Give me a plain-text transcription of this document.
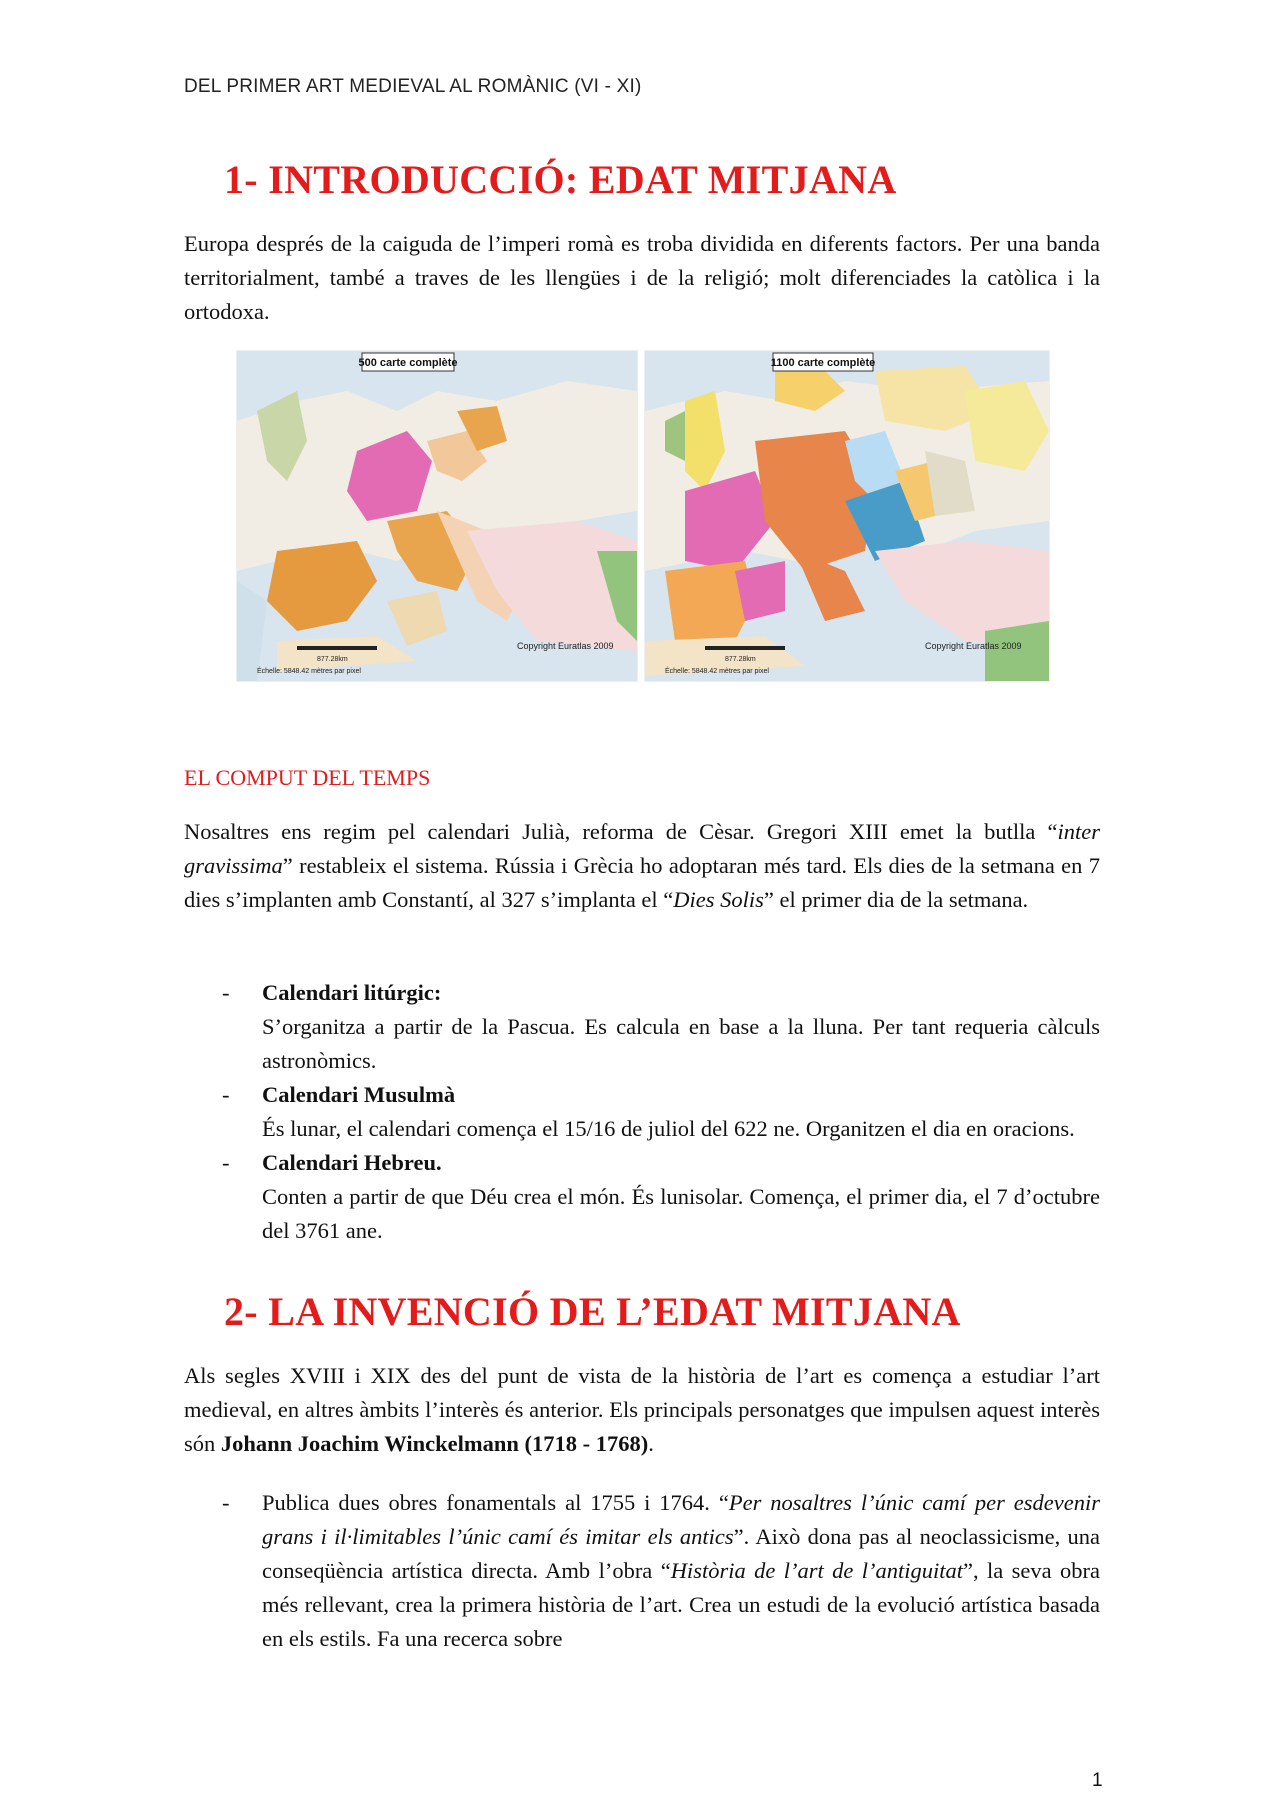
DEL PRIMER ART MEDIEVAL AL ROMÀNIC (VI - XI)
1- INTRODUCCIÓ: EDAT MITJANA
Europa després de la caiguda de l’imperi romà es troba dividida en diferents factors. Per una banda territorialment, també a traves de les llengües i de la religió; molt diferenciades la catòlica i la ortodoxa.
500 carte complète
Copyright Euratlas 2009
877.28km
Échelle: 5848.42 mètres par pixel
1100 carte complète
Copyright Euratlas 2009
877.28km
Échelle: 5848.42 mètres par pixel
EL COMPUT DEL TEMPS
Nosaltres ens regim pel calendari Julià, reforma de Cèsar. Gregori XIII emet la butlla “inter gravissima” restableix el sistema. Rússia i Grècia ho adoptaran més tard. Els dies de la setmana en 7 dies s’implanten amb Constantí, al 327 s’implanta el “Dies Solis” el primer dia de la setmana.
- Calendari litúrgic:
S’organitza a partir de la Pascua. Es calcula en base a la lluna. Per tant requeria càlculs astronòmics.
- Calendari Musulmà
És lunar, el calendari comença el 15/16 de juliol del 622 ne. Organitzen el dia en oracions.
- Calendari Hebreu.
Conten a partir de que Déu crea el món. És lunisolar. Comença, el primer dia, el 7 d’octubre del 3761 ane.
2- LA INVENCIÓ DE L’EDAT MITJANA
Als segles XVIII i XIX des del punt de vista de la història de l’art es comença a estudiar l’art medieval, en altres àmbits l’interès és anterior. Els principals personatges que impulsen aquest interès són Johann Joachim Winckelmann (1718 - 1768).
- Publica dues obres fonamentals al 1755 i 1764. “Per nosaltres l’únic camí per esdevenir grans i il·limitables l’únic camí és imitar els antics”. Això dona pas al neoclassicisme, una conseqüència artística directa. Amb l’obra “Història de l’art de l’antiguitat”, la seva obra més rellevant, crea la primera història de l’art. Crea un estudi de la evolució artística basada en els estils. Fa una recerca sobre
1
